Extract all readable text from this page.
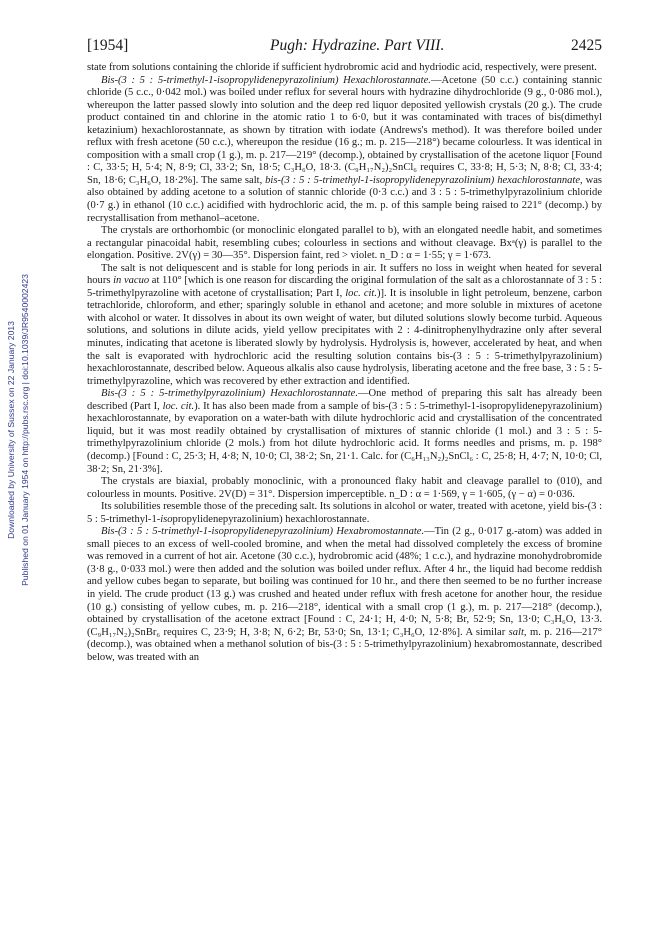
Downloaded by University of Sussex on 22 January 2013 Published on 01 January 1954 on http://pubs.rsc.org | doi:10.1039/JR9540002423
[1954]	Pugh: Hydrazine. Part VIII.	2425

state from solutions containing the chloride if sufficient hydrobromic acid and hydriodic acid, respectively, were present.

Bis-(3 : 5 : 5-trimethyl-1-isopropylidenepyrazolinium) Hexachlorostannate.—Acetone (50 c.c.) containing stannic chloride (5 c.c., 0·042 mol.) was boiled under reflux for several hours with hydrazine dihydrochloride (9 g., 0·086 mol.), whereupon the latter passed slowly into solution and the deep red liquor deposited yellowish crystals (20 g.). The crude product contained tin and chlorine in the atomic ratio 1 to 6·0, but it was contaminated with traces of bis(dimethyl ketazinium) hexachlorostannate, as shown by titration with iodate (Andrews's method). It was therefore boiled under reflux with fresh acetone (50 c.c.), whereupon the residue (16 g.; m. p. 215—218°) became colourless. It was identical in composition with a small crop (1 g.), m. p. 217—219° (decomp.), obtained by crystallisation of the acetone liquor [Found : C, 33·5; H, 5·4; N, 8·9; Cl, 33·2; Sn, 18·5; C₃H₆O, 18·3. (C₉H₁₇N₂)₂SnCl₆ requires C, 33·8; H, 5·3; N, 8·8; Cl, 33·4; Sn, 18·6; C₃H₆O, 18·2%]. The same salt, bis-(3 : 5 : 5-trimethyl-1-isopropylidenepyrazolinium) hexachlorostannate, was also obtained by adding acetone to a solution of stannic chloride (0·3 c.c.) and 3 : 5 : 5-trimethylpyrazolinium chloride (0·7 g.) in ethanol (10 c.c.) acidified with hydrochloric acid, the m. p. of this sample being raised to 221° (decomp.) by recrystallisation from methanol–acetone.

The crystals are orthorhombic (or monoclinic elongated parallel to b), with an elongated needle habit, and sometimes a rectangular pinacoidal habit, resembling cubes; colourless in sections and without cleavage. Bxᵃ(γ) is parallel to the elongation. Positive. 2V(γ) = 30—35°. Dispersion faint, red > violet. n_D : α = 1·55; γ = 1·673.

The salt is not deliquescent and is stable for long periods in air. It suffers no loss in weight when heated for several hours in vacuo at 110° [which is one reason for discarding the original formulation of the salt as a chlorostannate of 3 : 5 : 5-trimethylpyrazoline with acetone of crystallisation; Part I, loc. cit.)]. It is insoluble in light petroleum, benzene, carbon tetrachloride, chloroform, and ether; sparingly soluble in ethanol and acetone; and more soluble in mixtures of acetone with alcohol or water. It dissolves in about its own weight of water, but diluted solutions slowly become turbid. Aqueous solutions, and solutions in dilute acids, yield yellow precipitates with 2 : 4-dinitrophenylhydrazine only after several minutes, indicating that acetone is liberated slowly by hydrolysis. Hydrolysis is, however, accelerated by heat, and when the salt is evaporated with hydrochloric acid the resulting solution contains bis-(3 : 5 : 5-trimethylpyrazolinium) hexachlorostannate, described below. Aqueous alkalis also cause hydrolysis, liberating acetone and the free base, 3 : 5 : 5-trimethylpyrazoline, which was recovered by ether extraction and identified.

Bis-(3 : 5 : 5-trimethylpyrazolinium) Hexachlorostannate.—One method of preparing this salt has already been described (Part I, loc. cit.). It has also been made from a sample of bis-(3 : 5 : 5-trimethyl-1-isopropylidenepyrazolinium) hexachlorostannate, by evaporation on a water-bath with dilute hydrochloric acid and crystallisation of the concentrated liquid, but it was most readily obtained by crystallisation of mixtures of stannic chloride (1 mol.) and 3 : 5 : 5-trimethylpyrazolinium chloride (2 mols.) from hot dilute hydrochloric acid. It forms needles and prisms, m. p. 198° (decomp.) [Found : C, 25·3; H, 4·8; N, 10·0; Cl, 38·2; Sn, 21·1. Calc. for (C₆H₁₃N₂)₂SnCl₆ : C, 25·8; H, 4·7; N, 10·0; Cl, 38·2; Sn, 21·3%].

The crystals are biaxial, probably monoclinic, with a pronounced flaky habit and cleavage parallel to (010), and colourless in mounts. Positive. 2V(D) = 31°. Dispersion imperceptible. n_D : α = 1·569, γ = 1·605, (γ − α) = 0·036.

Its solubilities resemble those of the preceding salt. Its solutions in alcohol or water, treated with acetone, yield bis-(3 : 5 : 5-trimethyl-1-isopropylidenepyrazolinium) hexachlorostannate.

Bis-(3 : 5 : 5-trimethyl-1-isopropylidenepyrazolinium) Hexabromostannate.—Tin (2 g., 0·017 g.-atom) was added in small pieces to an excess of well-cooled bromine, and when the metal had dissolved completely the excess of bromine was removed in a current of hot air. Acetone (30 c.c.), hydrobromic acid (48%; 1 c.c.), and hydrazine monohydrobromide (3·8 g., 0·033 mol.) were then added and the solution was boiled under reflux. After 4 hr., the liquid had become reddish and yellow cubes began to separate, but boiling was continued for 10 hr., and there then seemed to be no further increase in yield. The crude product (13 g.) was crushed and heated under reflux with fresh acetone for another hour, the residue (10 g.) consisting of yellow cubes, m. p. 216—218°, identical with a small crop (1 g.), m. p. 217—218° (decomp.), obtained by crystallisation of the acetone extract [Found : C, 24·1; H, 4·0; N, 5·8; Br, 52·9; Sn, 13·0; C₃H₆O, 13·3. (C₉H₁₇N₂)₂SnBr₆ requires C, 23·9; H, 3·8; N, 6·2; Br, 53·0; Sn, 13·1; C₃H₆O, 12·8%]. A similar salt, m. p. 216—217° (decomp.), was obtained when a methanol solution of bis-(3 : 5 : 5-trimethylpyrazolinium) hexabromostannate, described below, was treated with an
